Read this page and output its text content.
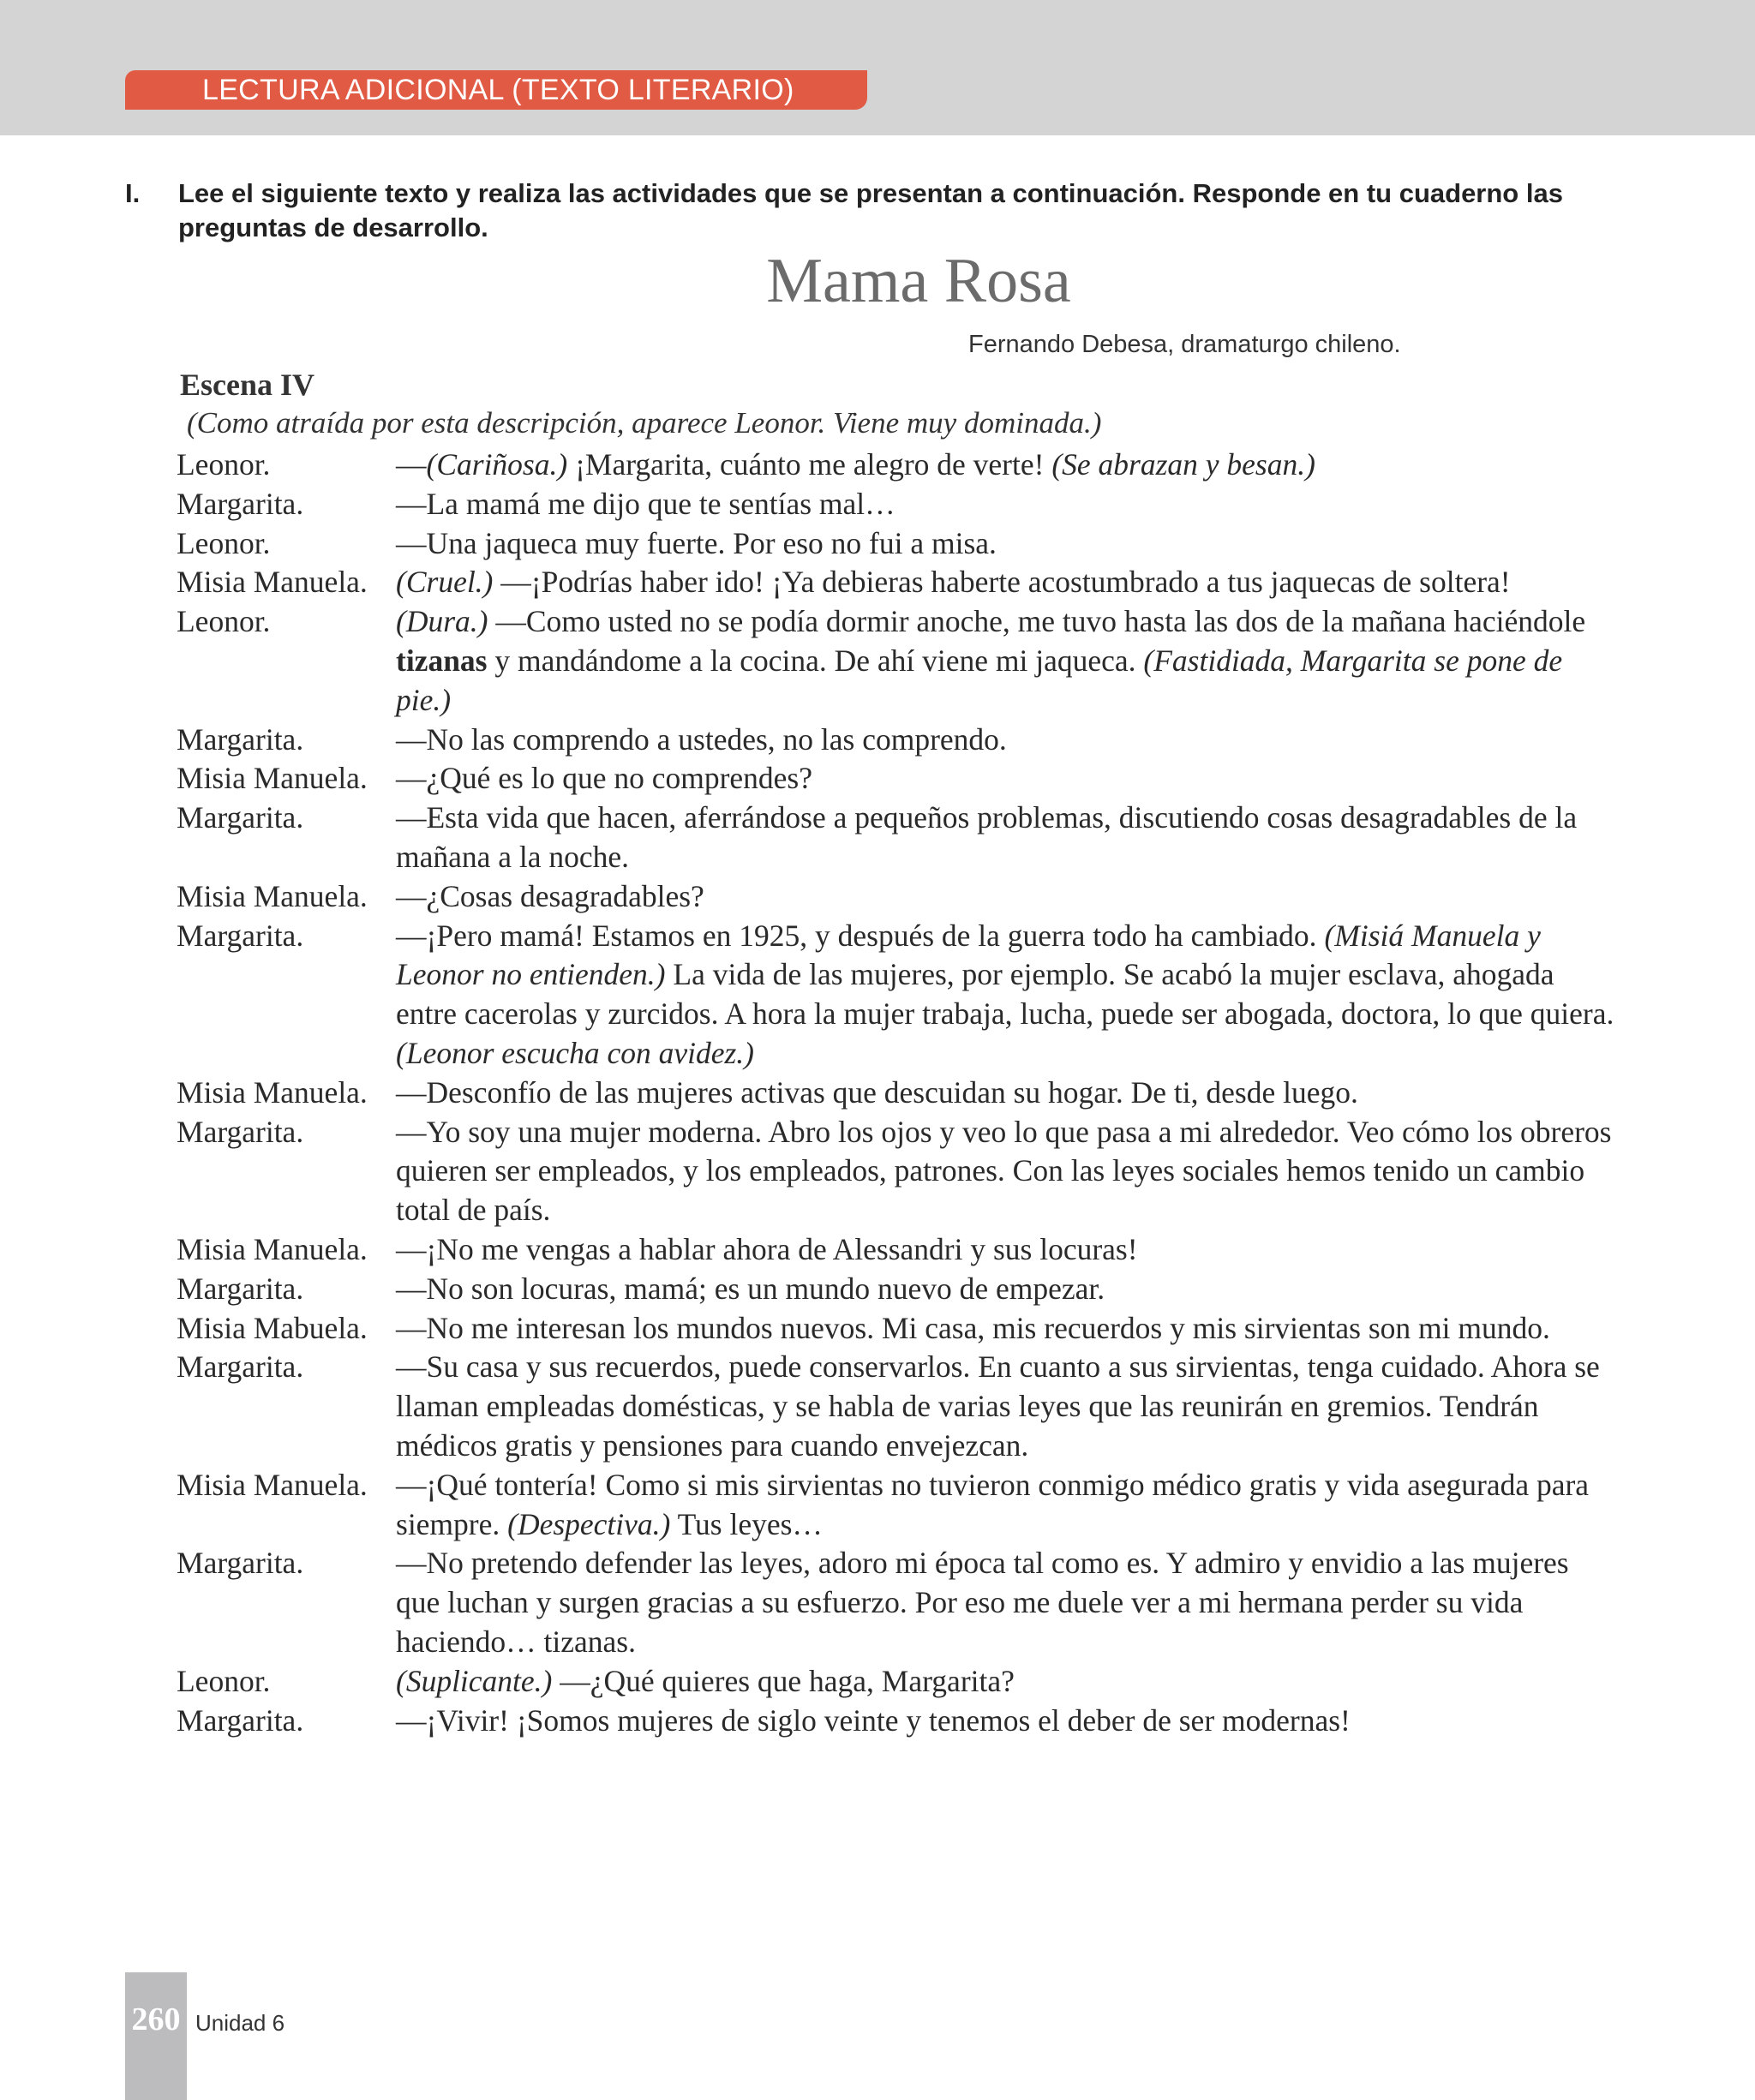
LECTURA ADICIONAL (TEXTO LITERARIO)
I. Lee el siguiente texto y realiza las actividades que se presentan a continuación. Responde en tu cuaderno las preguntas de desarrollo.
Mama Rosa
Fernando Debesa, dramaturgo chileno.
Escena IV
(Como atraída por esta descripción, aparece Leonor. Viene muy dominada.)
Leonor.	—(Cariñosa.) ¡Margarita, cuánto me alegro de verte! (Se abrazan y besan.)
Margarita.	—La mamá me dijo que te sentías mal…
Leonor.	—Una jaqueca muy fuerte. Por eso no fui a misa.
Misia Manuela. (Cruel.) —¡Podrías haber ido! ¡Ya debieras haberte acostumbrado a tus jaquecas de soltera!
Leonor.	(Dura.) —Como usted no se podía dormir anoche, me tuvo hasta las dos de la mañana haciéndole tizanas y mandándome a la cocina. De ahí viene mi jaqueca. (Fastidiada, Margarita se pone de pie.)
Margarita.	—No las comprendo a ustedes, no las comprendo.
Misia Manuela. —¿Qué es lo que no comprendes?
Margarita.	—Esta vida que hacen, aferrándose a pequeños problemas, discutiendo cosas desagradables de la mañana a la noche.
Misia Manuela. —¿Cosas desagradables?
Margarita.	—¡Pero mamá! Estamos en 1925, y después de la guerra todo ha cambiado. (Misiá Manuela y Leonor no entienden.) La vida de las mujeres, por ejemplo. Se acabó la mujer esclava, ahogada entre cacerolas y zurcidos. A hora la mujer trabaja, lucha, puede ser abogada, doctora, lo que quiera. (Leonor escucha con avidez.)
Misia Manuela. —Desconfío de las mujeres activas que descuidan su hogar. De ti, desde luego.
Margarita.	—Yo soy una mujer moderna. Abro los ojos y veo lo que pasa a mi alrededor. Veo cómo los obreros quieren ser empleados, y los empleados, patrones. Con las leyes sociales hemos tenido un cambio total de país.
Misia Manuela. —¡No me vengas a hablar ahora de Alessandri y sus locuras!
Margarita.	—No son locuras, mamá; es un mundo nuevo de empezar.
Misia Mabuela. —No me interesan los mundos nuevos. Mi casa, mis recuerdos y mis sirvientas son mi mundo.
Margarita.	—Su casa y sus recuerdos, puede conservarlos. En cuanto a sus sirvientas, tenga cuidado. Ahora se llaman empleadas domésticas, y se habla de varias leyes que las reunirán en gremios. Tendrán médicos gratis y pensiones para cuando envejezcan.
Misia Manuela. —¡Qué tontería! Como si mis sirvientas no tuvieron conmigo médico gratis y vida asegurada para siempre. (Despectiva.) Tus leyes…
Margarita.	—No pretendo defender las leyes, adoro mi época tal como es. Y admiro y envidio a las mujeres que luchan y surgen gracias a su esfuerzo. Por eso me duele ver a mi hermana perder su vida haciendo… tizanas.
Leonor.	(Suplicante.) —¿Qué quieres que haga, Margarita?
Margarita.	—¡Vivir! ¡Somos mujeres de siglo veinte y tenemos el deber de ser modernas!
260 Unidad 6
